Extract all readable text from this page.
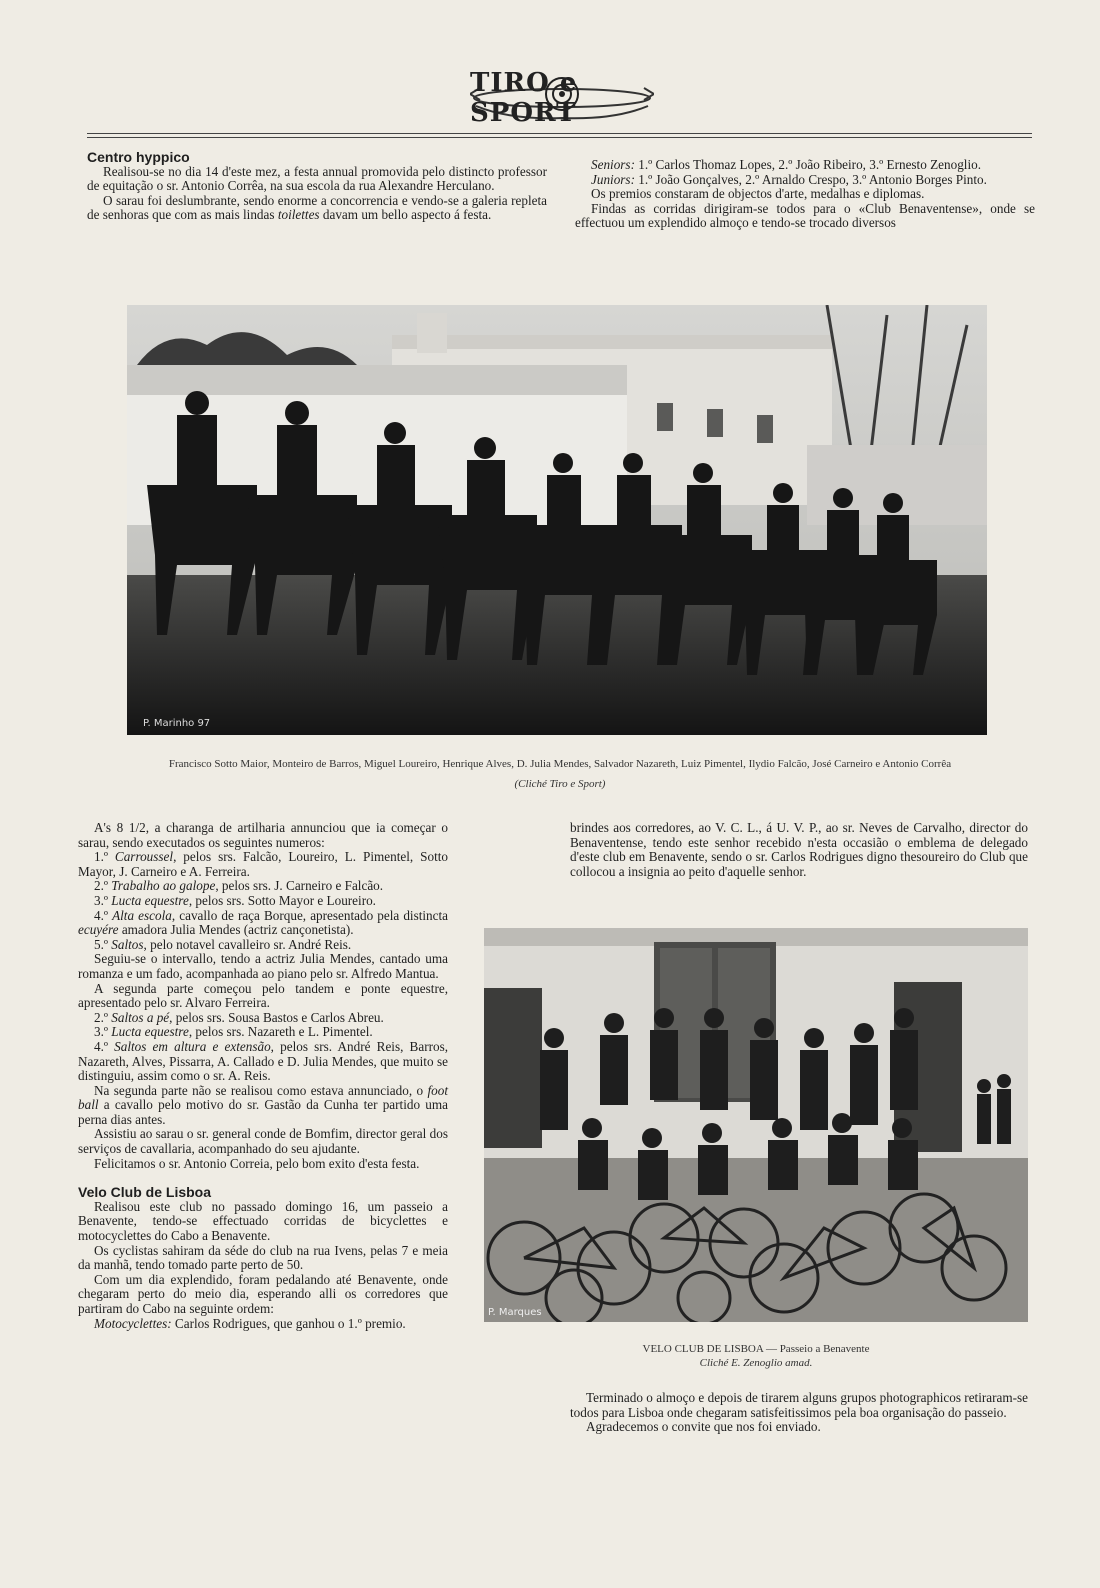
TIRO e SPORT

Centro hyppico

Realisou-se no dia 14 d'este mez, a festa annual promovida pelo distincto professor de equitação o sr. Antonio Corrêa, na sua escola da rua Alexandre Herculano.

O sarau foi deslumbrante, sendo enorme a concorrencia e vendo-se a galeria repleta de senhoras que com as mais lindas toilettes davam um bello aspecto á festa.

Seniors: 1.º Carlos Thomaz Lopes, 2.º João Ribeiro, 3.º Ernesto Zenoglio.

Juniors: 1.º João Gonçalves, 2.º Arnaldo Crespo, 3.º Antonio Borges Pinto.

Os premios constaram de objectos d'arte, medalhas e diplomas.

Findas as corridas dirigiram-se todos para o «Club Benaventense», onde se effectuou um explendido almoço e tendo-se trocado diversos

P. Marinho 97
Francisco Sotto Maior, Monteiro de Barros, Miguel Loureiro, Henrique Alves, D. Julia Mendes, Salvador Nazareth, Luiz Pimentel, Ilydio Falcão, José Carneiro e Antonio Corrêa
(Cliché Tiro e Sport)

A's 8 1/2, a charanga de artilharia annunciou que ia começar o sarau, sendo executados os seguintes numeros:

1.º Carroussel, pelos srs. Falcão, Loureiro, L. Pimentel, Sotto Mayor, J. Carneiro e A. Ferreira.

2.º Trabalho ao galope, pelos srs. J. Carneiro e Falcão.

3.º Lucta equestre, pelos srs. Sotto Mayor e Loureiro.

4.º Alta escola, cavallo de raça Borque, apresentado pela distincta ecuyére amadora Julia Mendes (actriz cançonetista).

5.º Saltos, pelo notavel cavalleiro sr. André Reis.

Seguiu-se o intervallo, tendo a actriz Julia Mendes, cantado uma romanza e um fado, acompanhada ao piano pelo sr. Alfredo Mantua.

A segunda parte começou pelo tandem e ponte equestre, apresentado pelo sr. Alvaro Ferreira.

2.º Saltos a pé, pelos srs. Sousa Bastos e Carlos Abreu.

3.º Lucta equestre, pelos srs. Nazareth e L. Pimentel.

4.º Saltos em altura e extensão, pelos srs. André Reis, Barros, Nazareth, Alves, Pissarra, A. Callado e D. Julia Mendes, que muito se distinguiu, assim como o sr. A. Reis.

Na segunda parte não se realisou como estava annunciado, o foot ball a cavallo pelo motivo do sr. Gastão da Cunha ter partido uma perna dias antes.

Assistiu ao sarau o sr. general conde de Bomfim, director geral dos serviços de cavallaria, acompanhado do seu ajudante.

Felicitamos o sr. Antonio Correia, pelo bom exito d'esta festa.

Velo Club de Lisboa

Realisou este club no passado domingo 16, um passeio a Benavente, tendo-se effectuado corridas de bicyclettes e motocyclettes do Cabo a Benavente.

Os cyclistas sahiram da séde do club na rua Ivens, pelas 7 e meia da manhã, tendo tomado parte perto de 50.

Com um dia explendido, foram pedalando até Benavente, onde chegaram perto do meio dia, esperando alli os corredores que partiram do Cabo na seguinte ordem:

Motocyclettes: Carlos Rodrigues, que ganhou o 1.º premio.

brindes aos corredores, ao V. C. L., á U. V. P., ao sr. Neves de Carvalho, director do Benaventense, tendo este senhor recebido n'esta occasião o emblema de delegado d'este club em Benavente, sendo o sr. Carlos Rodrigues digno thesoureiro do Club que collocou a insignia ao peito d'aquelle senhor.

P. Marques
VELO CLUB DE LISBOA — Passeio a Benavente
Cliché E. Zenoglio amad.

Terminado o almoço e depois de tirarem alguns grupos photographicos retiraram-se todos para Lisboa onde chegaram satisfeitissimos pela boa organisação do passeio.

Agradecemos o convite que nos foi enviado.
